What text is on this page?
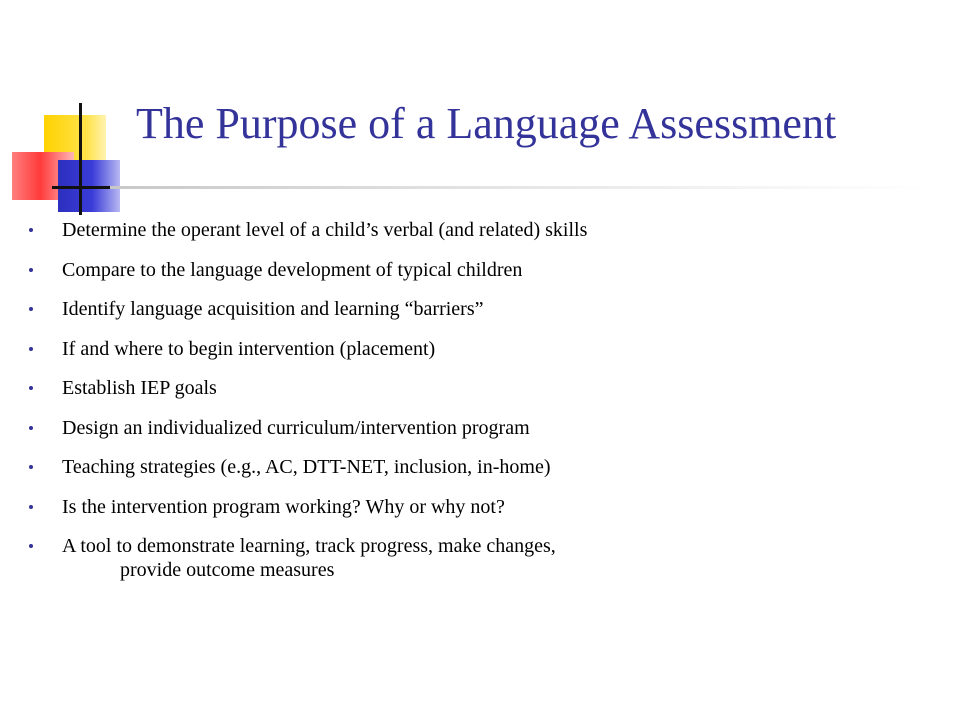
The Purpose of a Language Assessment
Determine the operant level of a child’s verbal (and related) skills
Compare to the language development of typical children
Identify language acquisition and learning “barriers”
If and where to begin intervention (placement)
Establish IEP goals
Design an individualized curriculum/intervention program
Teaching strategies (e.g., AC, DTT-NET, inclusion, in-home)
Is the intervention program working? Why or why not?
A tool to demonstrate learning, track progress, make changes,
provide outcome measures
